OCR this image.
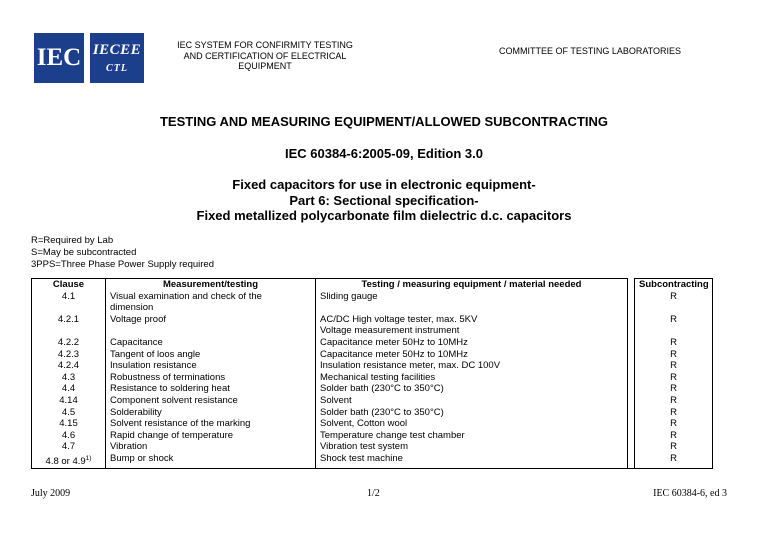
IEC IECEE
CTL
IEC SYSTEM FOR CONFIRMITY TESTING
AND CERTIFICATION OF ELECTRICAL
EQUIPMENT
COMMITTEE OF TESTING LABORATORIES
TESTING AND MEASURING EQUIPMENT/ALLOWED SUBCONTRACTING
IEC 60384-6:2005-09, Edition 3.0
Fixed capacitors for use in electronic equipment-
Part 6: Sectional specification-
Fixed metallized polycarbonate film dielectric d.c. capacitors
R=Required by Lab
S=May be subcontracted
3PPS=Three Phase Power Supply required
Clause	Measurement/testing	Testing / measuring equipment / material needed		Subcontracting
4.1	Visual examination and check of the	Sliding gauge		R
	dimension			
4.2.1	Voltage proof	AC/DC High voltage tester, max. 5KV		R
		Voltage measurement instrument		
4.2.2	Capacitance	Capacitance meter 50Hz to 10MHz		R
4.2.3	Tangent of loos angle	Capacitance meter 50Hz to 10MHz		R
4.2.4	Insulation resistance	Insulation resistance meter, max. DC 100V		R
4.3	Robustness of terminations	Mechanical testing facilities		R
4.4	Resistance to soldering heat	Solder bath (230°C to 350°C)		R
4.14	Component solvent resistance	Solvent		R
4.5	Solderability	Solder bath (230°C to 350°C)		R
4.15	Solvent resistance of the marking	Solvent, Cotton wool		R
4.6	Rapid change of temperature	Temperature change test chamber		R
4.7	Vibration	Vibration test system		R
4.8 or 4.9$^{1)}$	Bump or shock	Shock test machine		R
July 2009	1/2	IEC 60384-6, ed 3
